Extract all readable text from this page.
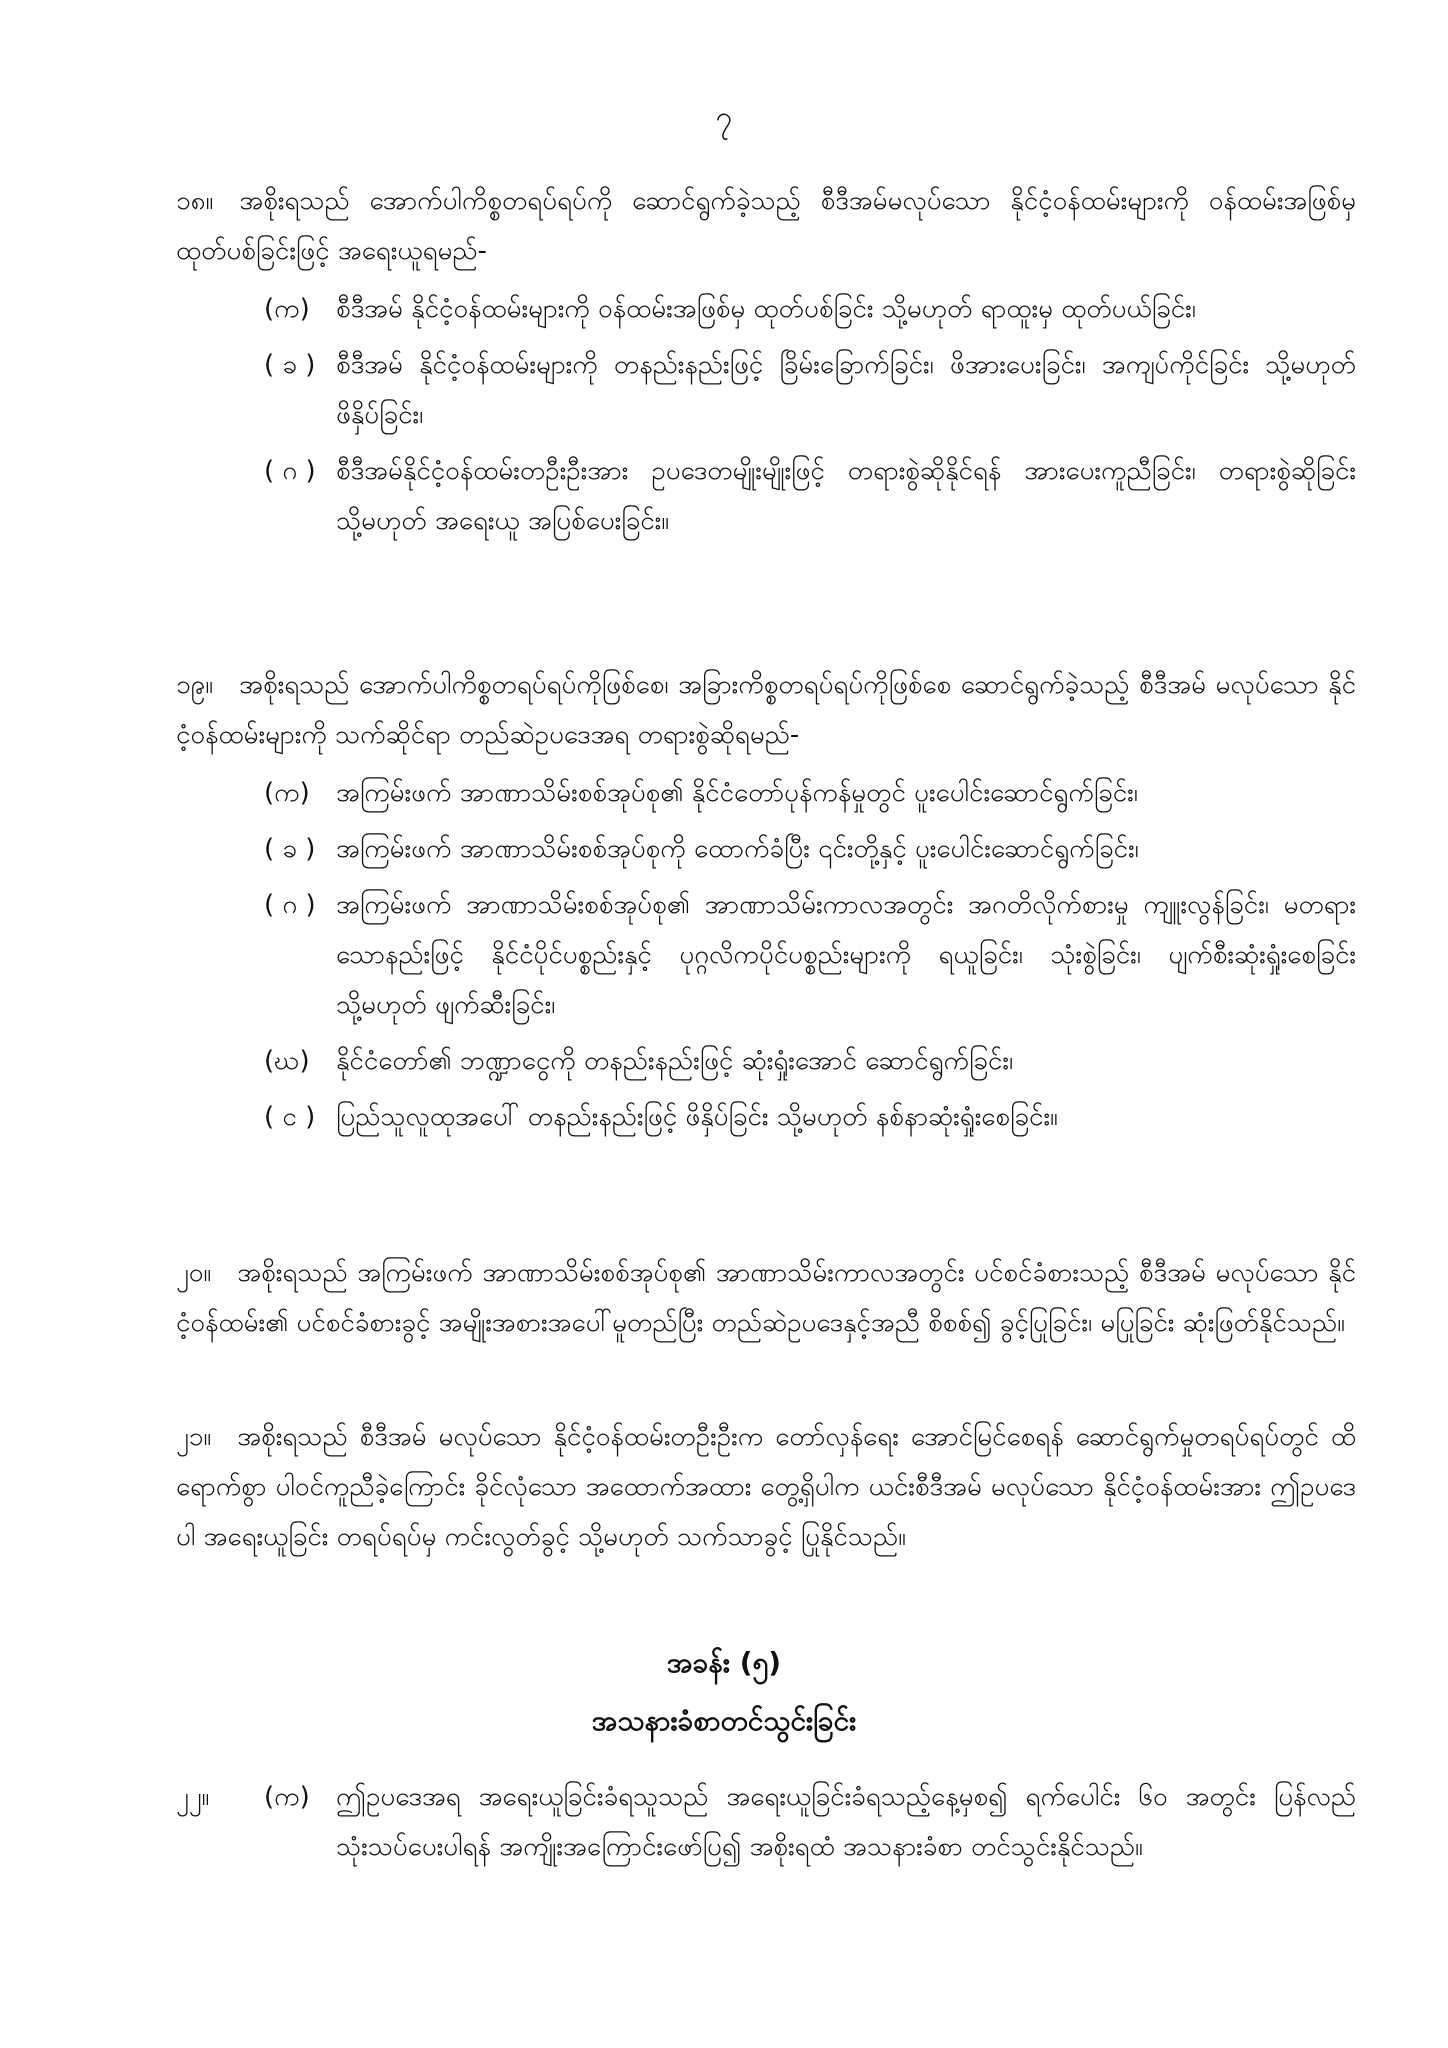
၇

၁၈။ အစိုးရသည် အောက်ပါကိစ္စတရပ်ရပ်ကို ဆောင်ရွက်ခဲ့သည့် စီဒီအမ်မလုပ်သော နိုင်ငံ့ဝန်ထမ်းများကို ဝန်ထမ်းအဖြစ်မှ ထုတ်ပစ်ခြင်းဖြင့် အရေးယူရမည်-

(က)	စီဒီအမ် နိုင်ငံ့ဝန်ထမ်းများကို ဝန်ထမ်းအဖြစ်မှ ထုတ်ပစ်ခြင်း သို့မဟုတ် ရာထူးမှ ထုတ်ပယ်ခြင်း၊

( ခ ) စီဒီအမ် နိုင်ငံ့ဝန်ထမ်းများကို တနည်းနည်းဖြင့် ခြိမ်းခြောက်ခြင်း၊ ဖိအားပေးခြင်း၊ အကျပ်ကိုင်ခြင်း သို့မဟုတ် ဖိနှိပ်ခြင်း၊

( ဂ ) စီဒီအမ်နိုင်ငံ့ဝန်ထမ်းတဦးဦးအား ဥပဒေတမျိုးမျိုးဖြင့် တရားစွဲဆိုနိုင်ရန် အားပေးကူညီခြင်း၊ တရားစွဲဆိုခြင်း သို့မဟုတ် အရေးယူ အပြစ်ပေးခြင်း။

၁၉။ အစိုးရသည် အောက်ပါကိစ္စတရပ်ရပ်ကိုဖြစ်စေ၊ အခြားကိစ္စတရပ်ရပ်ကိုဖြစ်စေ ဆောင်ရွက်ခဲ့သည့် စီဒီအမ် မလုပ်သော နိုင်ငံ့ဝန်ထမ်းများကို သက်ဆိုင်ရာ တည်ဆဲဥပဒေအရ တရားစွဲဆိုရမည်-

(က)	အကြမ်းဖက် အာဏာသိမ်းစစ်အုပ်စု၏ နိုင်ငံတော်ပုန်ကန်မှုတွင် ပူးပေါင်းဆောင်ရွက်ခြင်း၊

( ခ ) အကြမ်းဖက် အာဏာသိမ်းစစ်အုပ်စုကို ထောက်ခံပြီး ၎င်းတို့နှင့် ပူးပေါင်းဆောင်ရွက်ခြင်း၊

( ဂ ) အကြမ်းဖက် အာဏာသိမ်းစစ်အုပ်စု၏ အာဏာသိမ်းကာလအတွင်း အဂတိလိုက်စားမှု ကျူးလွန်ခြင်း၊ မတရားသောနည်းဖြင့် နိုင်ငံပိုင်ပစ္စည်းနှင့် ပုဂ္ဂလိကပိုင်ပစ္စည်းများကို ရယူခြင်း၊ သုံးစွဲခြင်း၊ ပျက်စီးဆုံးရှုံးစေခြင်း သို့မဟုတ် ဖျက်ဆီးခြင်း၊

(ဃ)	နိုင်ငံတော်၏ ဘဏ္ဍာငွေကို တနည်းနည်းဖြင့် ဆုံးရှုံးအောင် ဆောင်ရွက်ခြင်း၊

( င ) ပြည်သူလူထုအပေါ် တနည်းနည်းဖြင့် ဖိနှိပ်ခြင်း သို့မဟုတ် နစ်နာဆုံးရှုံးစေခြင်း။

၂၀။ အစိုးရသည် အကြမ်းဖက် အာဏာသိမ်းစစ်အုပ်စု၏ အာဏာသိမ်းကာလအတွင်း ပင်စင်ခံစားသည့် စီဒီအမ် မလုပ်သော နိုင်ငံ့ဝန်ထမ်း၏ ပင်စင်ခံစားခွင့် အမျိုးအစားအပေါ်မူတည်ပြီး တည်ဆဲဥပဒေနှင့်အညီ စိစစ်၍ ခွင့်ပြုခြင်း၊ မပြုခြင်း ဆုံးဖြတ်နိုင်သည်။

၂၁။ အစိုးရသည် စီဒီအမ် မလုပ်သော နိုင်ငံ့ဝန်ထမ်းတဦးဦးက တော်လှန်ရေး အောင်မြင်စေရန် ဆောင်ရွက်မှုတရပ်ရပ်တွင် ထိရောက်စွာ ပါဝင်ကူညီခဲ့ကြောင်း ခိုင်လုံသော အထောက်အထား တွေ့ရှိပါက ယင်းစီဒီအမ် မလုပ်သော နိုင်ငံ့ဝန်ထမ်းအား ဤဥပဒေပါ အရေးယူခြင်း တရပ်ရပ်မှ ကင်းလွတ်ခွင့် သို့မဟုတ် သက်သာခွင့် ပြုနိုင်သည်။

အခန်း (၅)
အသနားခံစာတင်သွင်းခြင်း
၂၂။ (က)	ဤဥပဒေအရ အရေးယူခြင်းခံရသူသည် အရေးယူခြင်းခံရသည့်နေ့မှစ၍ ရက်ပေါင်း ၆၀ အတွင်း ပြန်လည်သုံးသပ်ပေးပါရန် အကျိုးအကြောင်းဖော်ပြ၍ အစိုးရထံ အသနားခံစာ တင်သွင်းနိုင်သည်။
